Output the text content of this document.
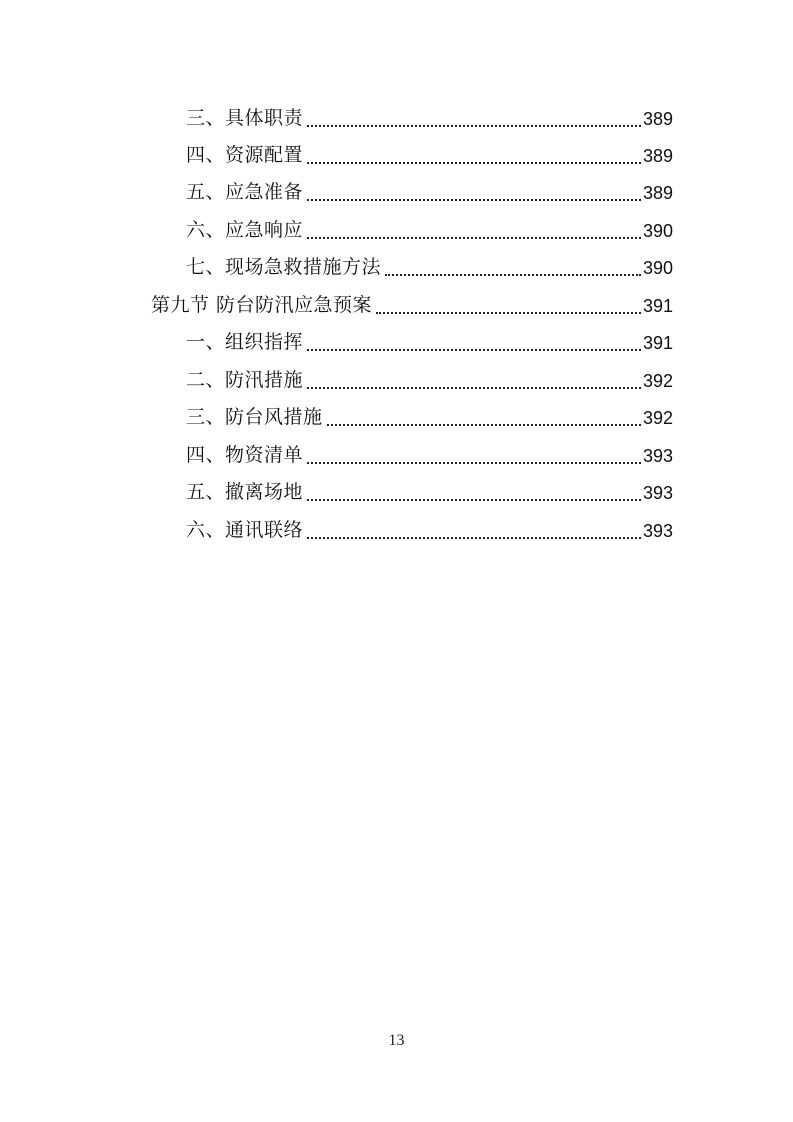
三、具体职责	389
四、资源配置	389
五、应急准备	389
六、应急响应	390
七、现场急救措施方法	390
第九节 防台防汛应急预案	391
一、组织指挥	391
二、防汛措施	392
三、防台风措施	392
四、物资清单	393
五、撤离场地	393
六、通讯联络	393
13
